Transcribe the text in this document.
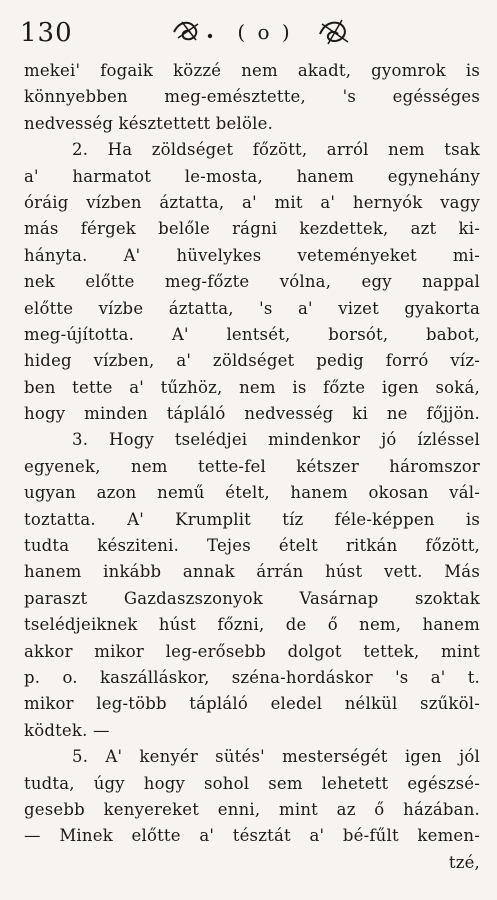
130	( o )
mekei' fogaik közzé nem akadt, gyomrok is
könnyebben meg-emésztette, 's egésséges
nedvesség késztettett belöle.
2. Ha zöldséget főzött, arról nem tsak
a' harmatot le-mosta, hanem egynehány
óráig vízben áztatta, a' mit a' hernyók vagy
más férgek belőle rágni kezdettek, azt ki-
hányta. A' hüvelykes veteményeket mi-
nek előtte meg-főzte vólna, egy nappal
előtte vízbe áztatta, 's a' vizet gyakorta
meg-újította. A' lentsét, borsót, babot,
hideg vízben, a' zöldséget pedig forró víz-
ben tette a' tűzhöz, nem is főzte igen soká,
hogy minden tápláló nedvesség ki ne főjjön.
3. Hogy tselédjei mindenkor jó ízléssel
egyenek, nem tette-fel kétszer háromszor
ugyan azon nemű ételt, hanem okosan vál-
toztatta. A' Krumplit tíz féle-képpen is
tudta késziteni. Tejes ételt ritkán főzött,
hanem inkább annak árrán húst vett. Más
paraszt Gazdaszszonyok Vasárnap szoktak
tselédjeiknek húst főzni, de ő nem, hanem
akkor mikor leg-erősebb dolgot tettek, mint
p. o. kaszálláskor, széna-hordáskor 's a' t.
mikor leg-több tápláló eledel nélkül szűköl-
ködtek. —
5. A' kenyér sütés' mesterségét igen jól
tudta, úgy hogy sohol sem lehetett egészsé-
gesebb kenyereket enni, mint az ő házában.
— Minek előtte a' tésztát a' bé-fűlt kemen-
tzé,
